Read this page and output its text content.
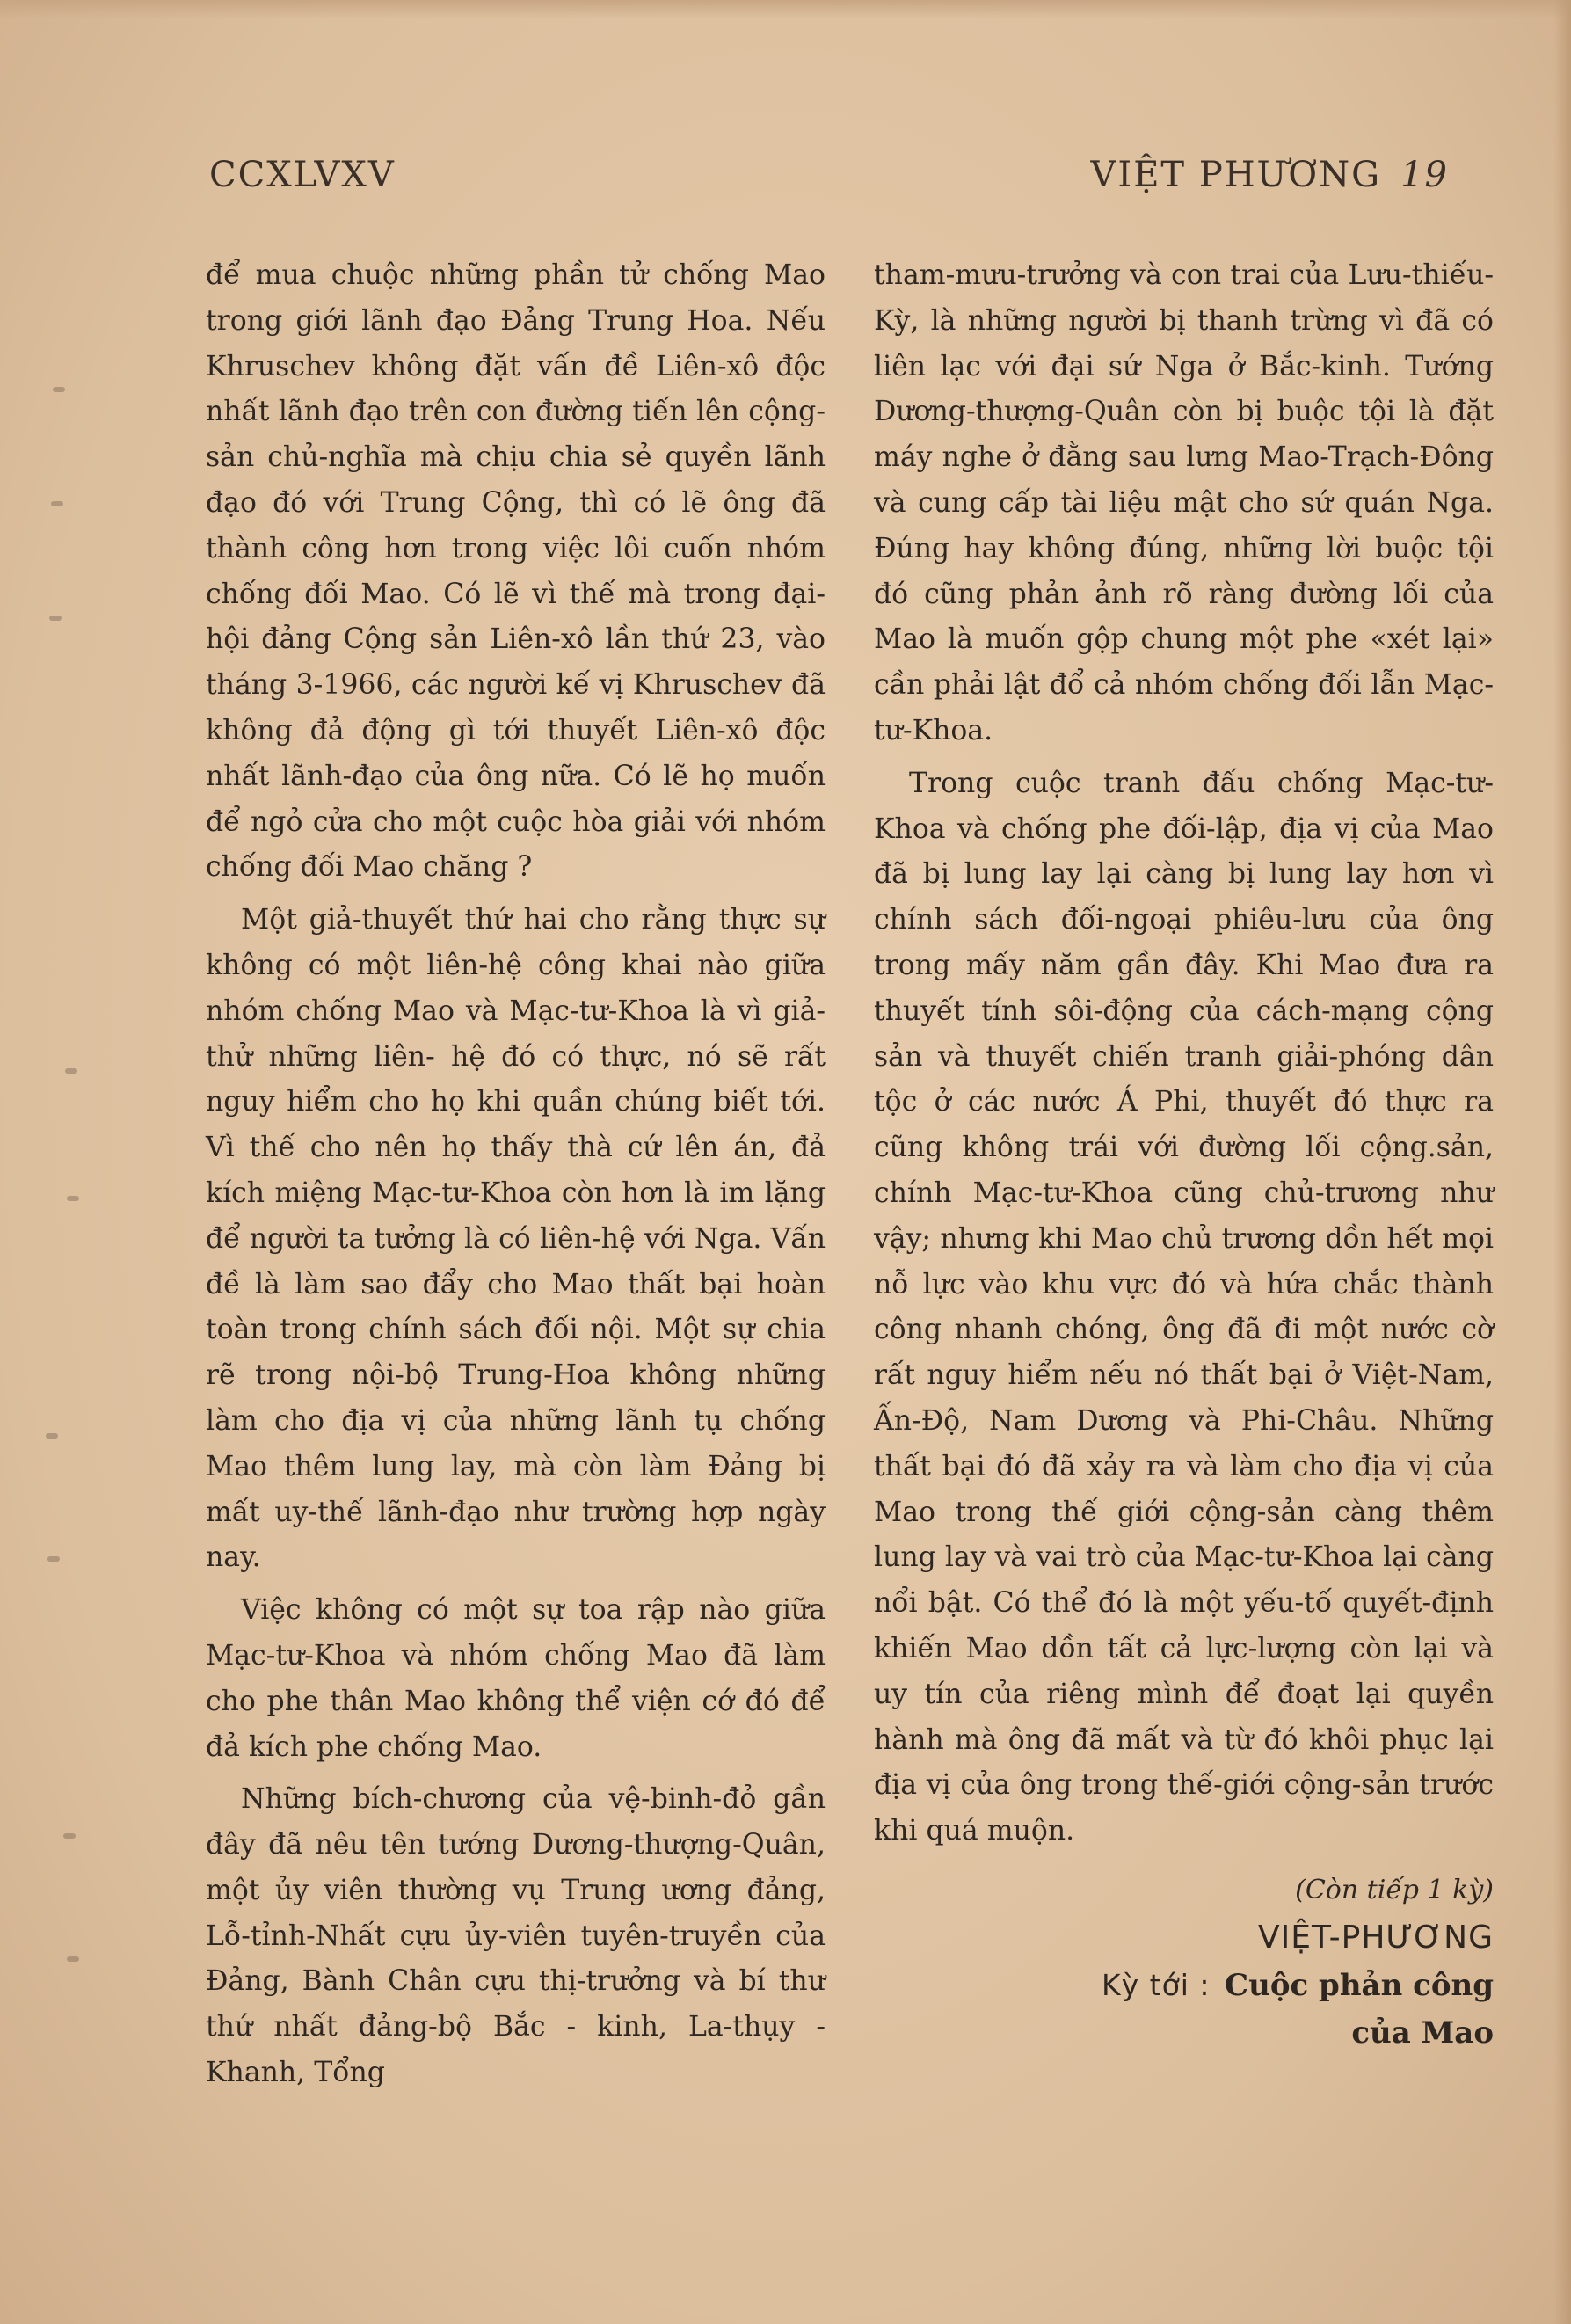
CCXLVXV	VIỆT PHƯƠNG 19

để mua chuộc những phần tử chống Mao trong giới lãnh đạo Đảng Trung Hoa. Nếu Khruschev không đặt vấn đề Liên-xô độc nhất lãnh đạo trên con đường tiến lên cộng-sản chủ-nghĩa mà chịu chia sẻ quyền lãnh đạo đó với Trung Cộng, thì có lẽ ông đã thành công hơn trong việc lôi cuốn nhóm chống đối Mao. Có lẽ vì thế mà trong đại-hội đảng Cộng sản Liên-xô lần thứ 23, vào tháng 3-1966, các người kế vị Khruschev đã không đả động gì tới thuyết Liên-xô độc nhất lãnh-đạo của ông nữa. Có lẽ họ muốn để ngỏ cửa cho một cuộc hòa giải với nhóm chống đối Mao chăng ?

Một giả-thuyết thứ hai cho rằng thực sự không có một liên-hệ công khai nào giữa nhóm chống Mao và Mạc-tư-Khoa là vì giả-thử những liên- hệ đó có thực, nó sẽ rất nguy hiểm cho họ khi quần chúng biết tới. Vì thế cho nên họ thấy thà cứ lên án, đả kích miệng Mạc-tư-Khoa còn hơn là im lặng để người ta tưởng là có liên-hệ với Nga. Vấn đề là làm sao đẩy cho Mao thất bại hoàn toàn trong chính sách đối nội. Một sự chia rẽ trong nội-bộ Trung-Hoa không những làm cho địa vị của những lãnh tụ chống Mao thêm lung lay, mà còn làm Đảng bị mất uy-thế lãnh-đạo như trường hợp ngày nay.

Việc không có một sự toa rập nào giữa Mạc-tư-Khoa và nhóm chống Mao đã làm cho phe thân Mao không thể viện cớ đó để đả kích phe chống Mao.

Những bích-chương của vệ-binh-đỏ gần đây đã nêu tên tướng Dương-thượng-Quân, một ủy viên thường vụ Trung ương đảng, Lỗ-tỉnh-Nhất cựu ủy-viên tuyên-truyền của Đảng, Bành Chân cựu thị-trưởng và bí thư thứ nhất đảng-bộ Bắc - kinh, La-thụy - Khanh, Tổng

tham-mưu-trưởng và con trai của Lưu-thiếu-Kỳ, là những người bị thanh trừng vì đã có liên lạc với đại sứ Nga ở Bắc-kinh. Tướng Dương-thượng-Quân còn bị buộc tội là đặt máy nghe ở đằng sau lưng Mao-Trạch-Đông và cung cấp tài liệu mật cho sứ quán Nga. Đúng hay không đúng, những lời buộc tội đó cũng phản ảnh rõ ràng đường lối của Mao là muốn gộp chung một phe «xét lại» cần phải lật đổ cả nhóm chống đối lẫn Mạc-tư-Khoa.

Trong cuộc tranh đấu chống Mạc-tư-Khoa và chống phe đối-lập, địa vị của Mao đã bị lung lay lại càng bị lung lay hơn vì chính sách đối-ngoại phiêu-lưu của ông trong mấy năm gần đây. Khi Mao đưa ra thuyết tính sôi-động của cách-mạng cộng sản và thuyết chiến tranh giải-phóng dân tộc ở các nước Á Phi, thuyết đó thực ra cũng không trái với đường lối cộng.sản, chính Mạc-tư-Khoa cũng chủ-trương như vậy; nhưng khi Mao chủ trương dồn hết mọi nỗ lực vào khu vực đó và hứa chắc thành công nhanh chóng, ông đã đi một nước cờ rất nguy hiểm nếu nó thất bại ở Việt-Nam, Ấn-Độ, Nam Dương và Phi-Châu. Những thất bại đó đã xảy ra và làm cho địa vị của Mao trong thế giới cộng-sản càng thêm lung lay và vai trò của Mạc-tư-Khoa lại càng nổi bật. Có thể đó là một yếu-tố quyết-định khiến Mao dồn tất cả lực-lượng còn lại và uy tín của riêng mình để đoạt lại quyền hành mà ông đã mất và từ đó khôi phục lại địa vị của ông trong thế-giới cộng-sản trước khi quá muộn.

(Còn tiếp 1 kỳ)
VIỆT-PHƯƠNG
Kỳ tới : Cuộc phản công
của Mao
